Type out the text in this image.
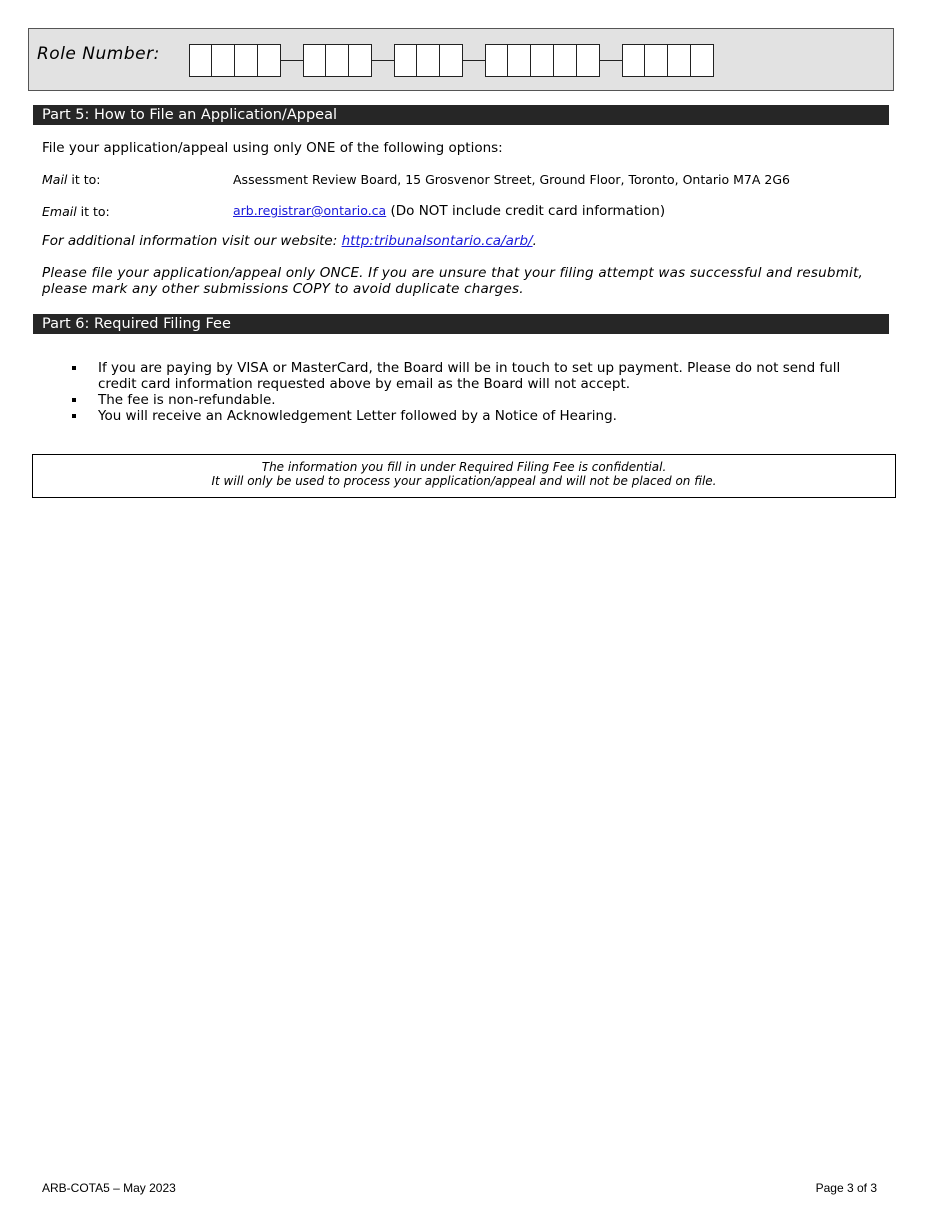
Role Number:
Part 5: How to File an Application/Appeal
File your application/appeal using only ONE of the following options:
Mail it to:	Assessment Review Board, 15 Grosvenor Street, Ground Floor, Toronto, Ontario M7A 2G6
Email it to:	arb.registrar@ontario.ca (Do NOT include credit card information)
For additional information visit our website: http:tribunalsontario.ca/arb/.
Please file your application/appeal only ONCE. If you are unsure that your filing attempt was successful and resubmit, please mark any other submissions COPY to avoid duplicate charges.
Part 6: Required Filing Fee
If you are paying by VISA or MasterCard, the Board will be in touch to set up payment. Please do not send full credit card information requested above by email as the Board will not accept.
The fee is non-refundable.
You will receive an Acknowledgement Letter followed by a Notice of Hearing.
The information you fill in under Required Filing Fee is confidential.
It will only be used to process your application/appeal and will not be placed on file.
ARB-COTA5 – May 2023	Page 3 of 3
